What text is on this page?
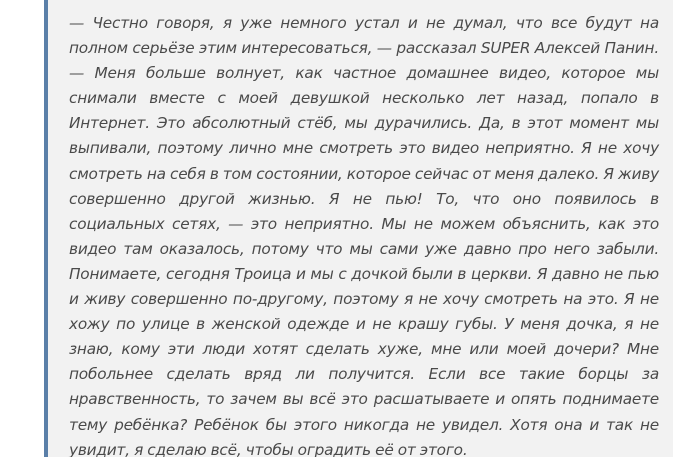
— Честно говоря, я уже немного устал и не думал, что все будут на полном серьёзе этим интересоваться, — рассказал SUPER Алексей Панин. — Меня больше волнует, как частное домашнее видео, которое мы снимали вместе с моей девушкой несколько лет назад, попало в Интернет. Это абсолютный стёб, мы дурачились. Да, в этот момент мы выпивали, поэтому лично мне смотреть это видео неприятно. Я не хочу смотреть на себя в том состоянии, которое сейчас от меня далеко. Я живу совершенно другой жизнью. Я не пью! То, что оно появилось в социальных сетях, — это неприятно. Мы не можем объяснить, как это видео там оказалось, потому что мы сами уже давно про него забыли. Понимаете, сегодня Троица и мы с дочкой были в церкви. Я давно не пью и живу совершенно по-другому, поэтому я не хочу смотреть на это. Я не хожу по улице в женской одежде и не крашу губы. У меня дочка, я не знаю, кому эти люди хотят сделать хуже, мне или моей дочери? Мне побольнее сделать вряд ли получится. Если все такие борцы за нравственность, то зачем вы всё это расшатываете и опять поднимаете тему ребёнка? Ребёнок бы этого никогда не увидел. Хотя она и так не увидит, я сделаю всё, чтобы оградить её от этого.
